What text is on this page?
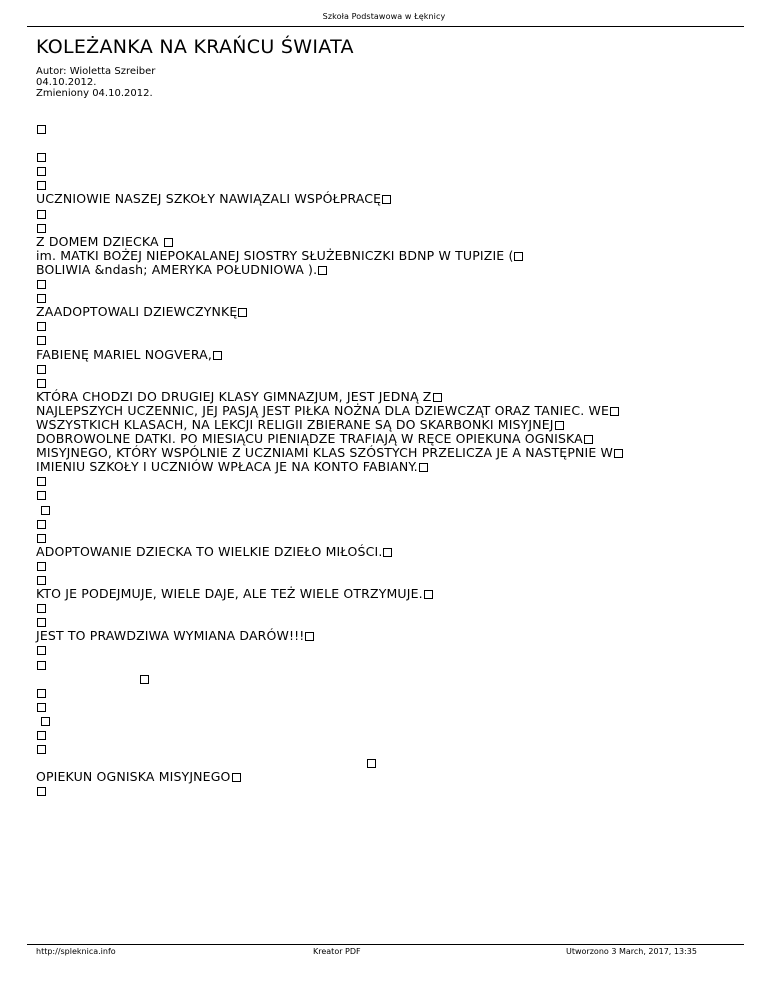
Szkoła Podstawowa w Łęknicy
KOLEŻANKA NA KRAŃCU ŚWIATA
Autor: Wioletta Szreiber
04.10.2012.
Zmieniony 04.10.2012.
UCZNIOWIE NASZEJ SZKOŁY NAWIĄZALI WSPÓŁPRACĘ
Z DOMEM DZIECKA
im. MATKI BOŻEJ NIEPOKALANEJ SIOSTRY SŁUŻEBNICZKI BDNP W TUPIZIE (
BOLIWIA &ndash; AMERYKA POŁUDNIOWA ).
ZAADOPTOWALI DZIEWCZYNKĘ
FABIENĘ MARIEL NOGVERA,
KTÓRA CHODZI DO DRUGIEJ KLASY GIMNAZJUM, JEST JEDNĄ Z
NAJLEPSZYCH UCZENNIC, JEJ PASJĄ JEST PIŁKA NOŻNA DLA DZIEWCZĄT ORAZ TANIEC. WE
WSZYSTKICH KLASACH, NA LEKCJI RELIGII ZBIERANE SĄ DO SKARBONKI MISYJNEJ
DOBROWOLNE DATKI. PO MIESIĄCU PIENIĄDZE TRAFIAJĄ W RĘCE OPIEKUNA OGNISKA
MISYJNEGO, KTÓRY WSPÓLNIE Z UCZNIAMI KLAS SZÓSTYCH PRZELICZA JE A NASTĘPNIE W
IMIENIU SZKOŁY I UCZNIÓW WPŁACA JE NA KONTO FABIANY.

ADOPTOWANIE DZIECKA TO WIELKIE DZIEŁO MIŁOŚCI.
KTO JE PODEJMUJE, WIELE DAJE, ALE TEŻ WIELE OTRZYMUJE.
JEST TO PRAWDZIWA WYMIANA DARÓW!!!

OPIEKUN OGNISKA MISYJNEGO
http://spleknica.info	Kreator PDF	Utworzono 3 March, 2017, 13:35
